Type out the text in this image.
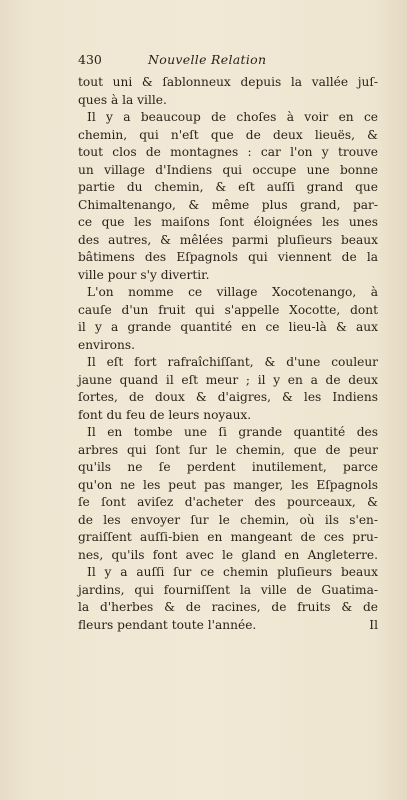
430	Nouvelle Relation
tout uni & ſablonneux depuis la vallée juſ-
ques à la ville.
Il y a beaucoup de choſes à voir en ce
chemin, qui n'eſt que de deux lieuës, &
tout clos de montagnes : car l'on y trouve
un village d'Indiens qui occupe une bonne
partie du chemin, & eſt auſſi grand que
Chimaltenango, & même plus grand, par-
ce que les maiſons ſont éloignées les unes
des autres, & mêlées parmi pluſieurs beaux
bâtimens des Eſpagnols qui viennent de la
ville pour s'y divertir.
L'on nomme ce village Xocotenango, à
cauſe d'un fruit qui s'appelle Xocotte, dont
il y a grande quantité en ce lieu-là & aux
environs.
Il eſt fort rafraîchiſſant, & d'une couleur
jaune quand il eſt meur ; il y en a de deux
ſortes, de doux & d'aigres, & les Indiens
font du feu de leurs noyaux.
Il en tombe une ſi grande quantité des
arbres qui ſont ſur le chemin, que de peur
qu'ils ne ſe perdent inutilement, parce
qu'on ne les peut pas manger, les Eſpagnols
ſe ſont aviſez d'acheter des pourceaux, &
de les envoyer ſur le chemin, où ils s'en-
graiſſent auſſi-bien en mangeant de ces pru-
nes, qu'ils font avec le gland en Angleterre.
Il y a auſſi ſur ce chemin pluſieurs beaux
jardins, qui fourniſſent la ville de Guatima-
la d'herbes & de racines, de fruits & de
fleurs pendant toute l'année.	Il
